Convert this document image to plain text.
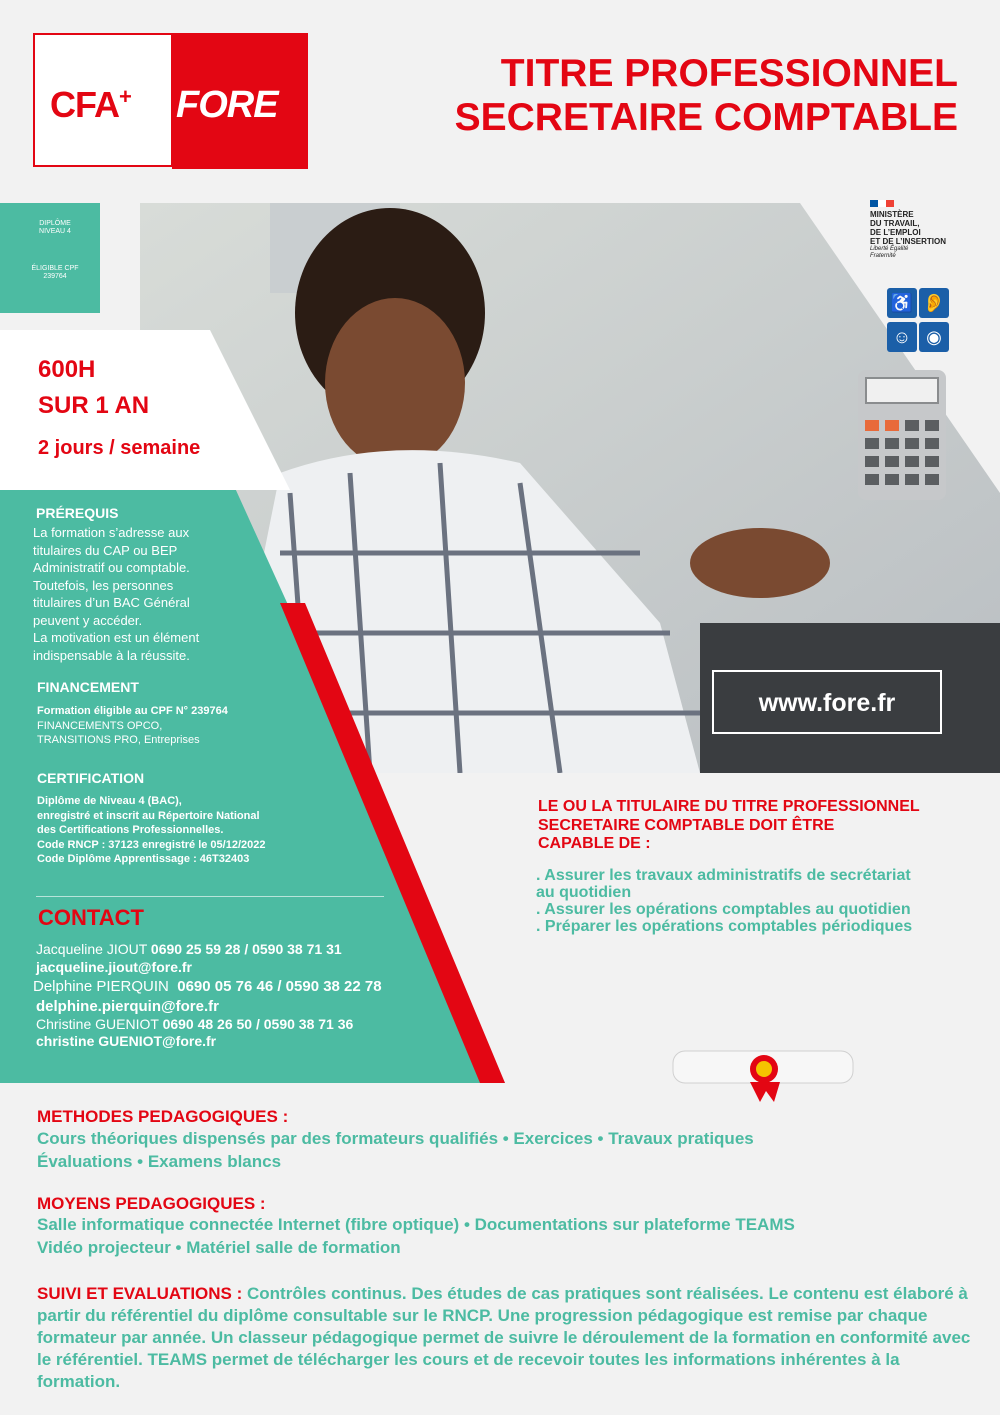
CFA+ FORE
TITRE PROFESSIONNEL
SECRETAIRE COMPTABLE
DIPLÔME NIVEAU 4
ÉLIGIBLE CPF 239764
600H
SUR 1 AN
2 jours / semaine
PRÉREQUIS
La formation s’adresse aux
titulaires du CAP ou BEP
Administratif ou comptable.
Toutefois, les personnes
titulaires d’un BAC Général
peuvent y accéder.
La motivation est un élément
indispensable à la réussite.
FINANCEMENT
Formation éligible au CPF N° 239764
FINANCEMENTS OPCO,
TRANSITIONS PRO, Entreprises
CERTIFICATION
Diplôme de Niveau 4 (BAC),
enregistré et inscrit au Répertoire National
des Certifications Professionnelles.
Code RNCP : 37123 enregistré le 05/12/2022
Code Diplôme Apprentissage : 46T32403
CONTACT
Jacqueline JIOUT 0690 25 59 28 / 0590 38 71 31
jacqueline.jiout@fore.fr
Delphine PIERQUIN 0690 05 76 46 / 0590 38 22 78
delphine.pierquin@fore.fr
Christine GUENIOT 0690 48 26 50 / 0590 38 71 36
christine GUENIOT@fore.fr
www.fore.fr
MINISTÈRE
DU TRAVAIL,
DE L’EMPLOI
ET DE L’INSERTION
Liberté Égalité Fraternité
♿ 👂 ☺ ◉
LE OU LA TITULAIRE DU TITRE PROFESSIONNEL
SECRETAIRE COMPTABLE DOIT ÊTRE
CAPABLE DE :
. Assurer les travaux administratifs de secrétariat
au quotidien
. Assurer les opérations comptables au quotidien
. Préparer les opérations comptables périodiques
METHODES PEDAGOGIQUES :
Cours théoriques dispensés par des formateurs qualifiés • Exercices • Travaux pratiques
Évaluations • Examens blancs
MOYENS PEDAGOGIQUES :
Salle informatique connectée Internet (fibre optique) • Documentations sur plateforme TEAMS
Vidéo projecteur • Matériel salle de formation
SUIVI ET EVALUATIONS : Contrôles continus. Des études de cas pratiques sont réalisées. Le contenu est élaboré à partir du référentiel du diplôme consultable sur le RNCP. Une progression pédagogique est remise par chaque formateur par année. Un classeur pédagogique permet de suivre le déroulement de la formation en conformité avec le référentiel. TEAMS permet de télécharger les cours et de recevoir toutes les informations inhérentes à la formation.
